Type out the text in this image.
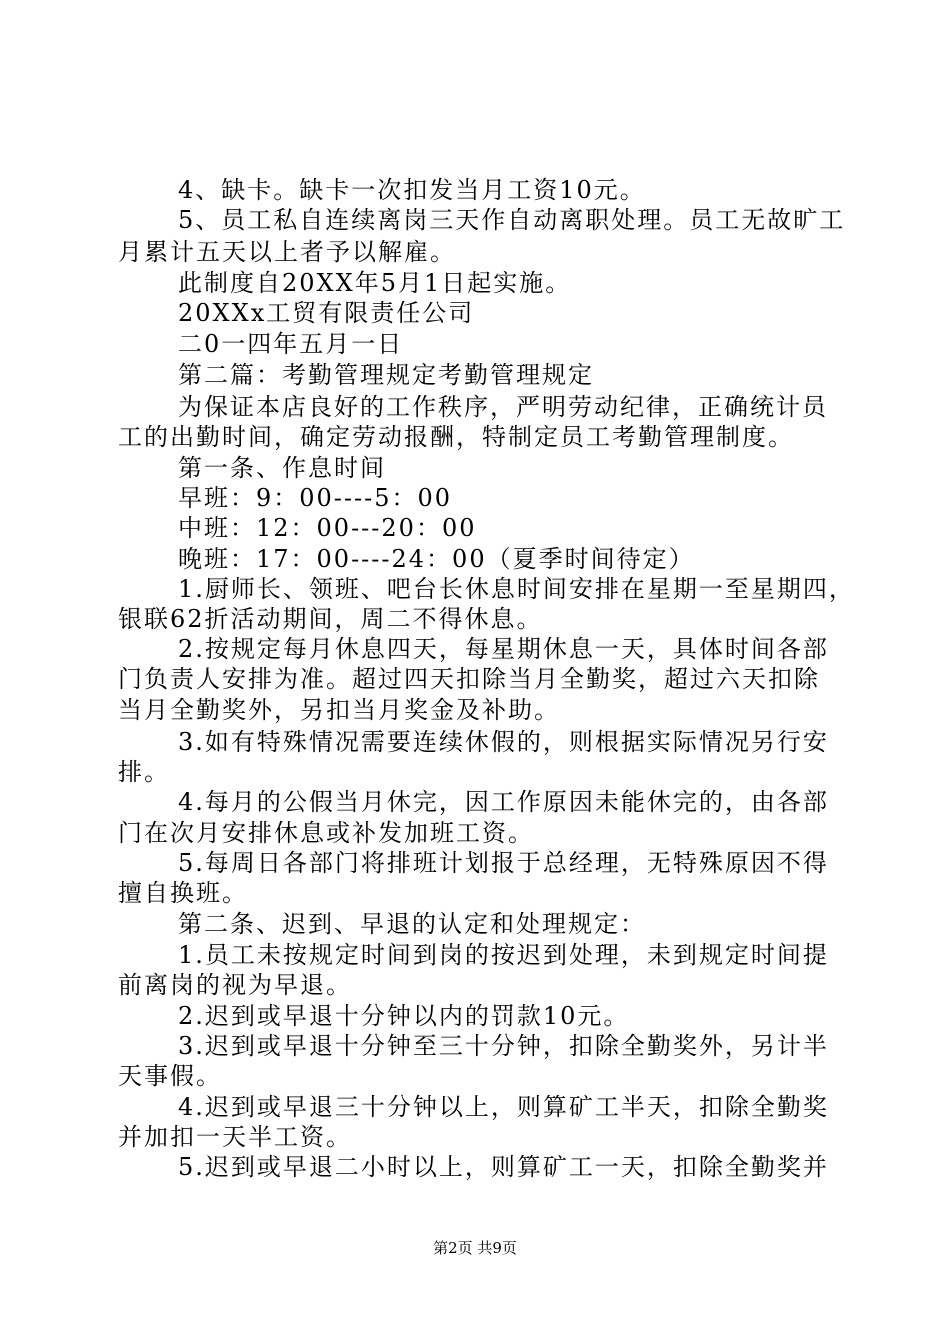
4、缺卡。缺卡一次扣发当月工资10元。
5、员工私自连续离岗三天作自动离职处理。员工无故旷工
月累计五天以上者予以解雇。
此制度自20XX年5月1日起实施。
20XXx工贸有限责任公司
二0一四年五月一日
第二篇：考勤管理规定考勤管理规定
为保证本店良好的工作秩序，严明劳动纪律，正确统计员
工的出勤时间，确定劳动报酬，特制定员工考勤管理制度。
第一条、作息时间
早班：9：00----5：00
中班：12：00---20：00
晚班：17：00----24：00（夏季时间待定）
1.厨师长、领班、吧台长休息时间安排在星期一至星期四，
银联62折活动期间，周二不得休息。
2.按规定每月休息四天，每星期休息一天，具体时间各部
门负责人安排为准。超过四天扣除当月全勤奖，超过六天扣除
当月全勤奖外，另扣当月奖金及补助。
3.如有特殊情况需要连续休假的，则根据实际情况另行安
排。
4.每月的公假当月休完，因工作原因未能休完的，由各部
门在次月安排休息或补发加班工资。
5.每周日各部门将排班计划报于总经理，无特殊原因不得
擅自换班。
第二条、迟到、早退的认定和处理规定：
1.员工未按规定时间到岗的按迟到处理，未到规定时间提
前离岗的视为早退。
2.迟到或早退十分钟以内的罚款10元。
3.迟到或早退十分钟至三十分钟，扣除全勤奖外，另计半
天事假。
4.迟到或早退三十分钟以上，则算矿工半天，扣除全勤奖
并加扣一天半工资。
5.迟到或早退二小时以上，则算矿工一天，扣除全勤奖并
第2页 共9页
